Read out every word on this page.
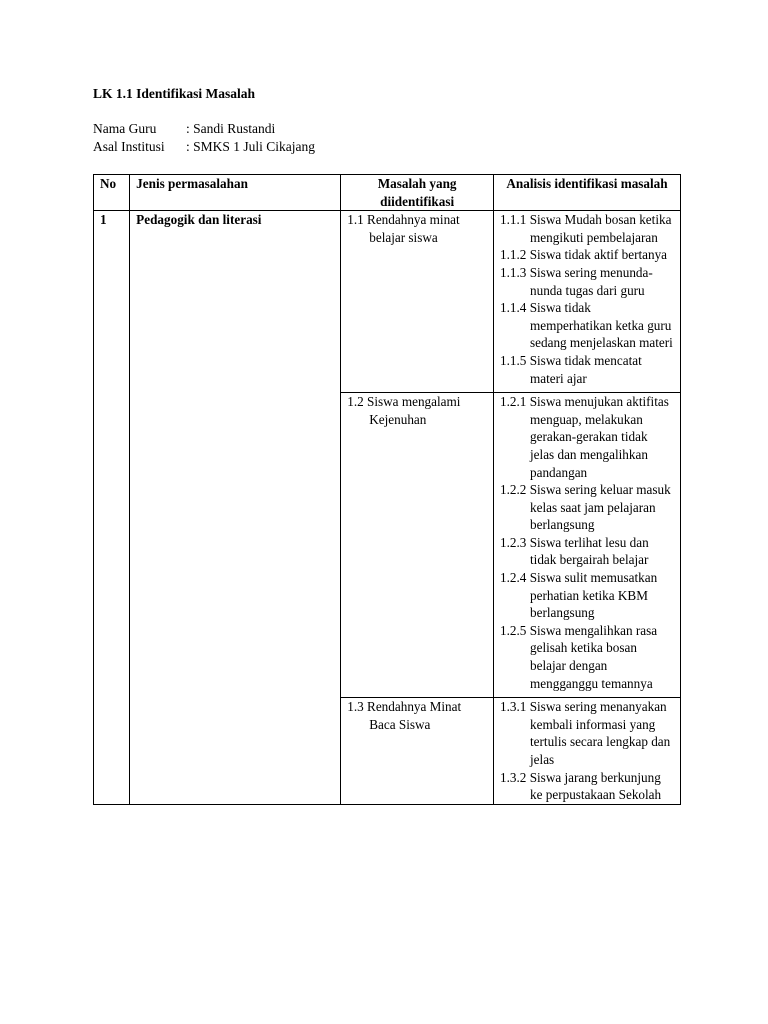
LK 1.1 Identifikasi Masalah
Nama Guru : Sandi Rustandi
Asal Institusi : SMKS 1 Juli Cikajang
No	Jenis permasalahan	Masalah yang diidentifikasi	Analisis identifikasi masalah
1	Pedagogik dan literasi	1.1 Rendahnya minat belajar siswa	1.1.1 Siswa Mudah bosan ketika mengikuti pembelajaran
1.1.2 Siswa tidak aktif bertanya
1.1.3 Siswa sering menunda-nunda tugas dari guru
1.1.4 Siswa tidak memperhatikan ketka guru sedang menjelaskan materi
1.1.5 Siswa tidak mencatat materi ajar

		1.2 Siswa mengalami Kejenuhan	1.2.1 Siswa menujukan aktifitas menguap, melakukan gerakan-gerakan tidak jelas dan mengalihkan pandangan
1.2.2 Siswa sering keluar masuk kelas saat jam pelajaran berlangsung
1.2.3 Siswa terlihat lesu dan tidak bergairah belajar
1.2.4 Siswa sulit memusatkan perhatian ketika KBM berlangsung
1.2.5 Siswa mengalihkan rasa gelisah ketika bosan belajar dengan mengganggu temannya

		1.3 Rendahnya Minat Baca Siswa	1.3.1 Siswa sering menanyakan kembali informasi yang tertulis secara lengkap dan jelas
1.3.2 Siswa jarang berkunjung ke perpustakaan Sekolah
